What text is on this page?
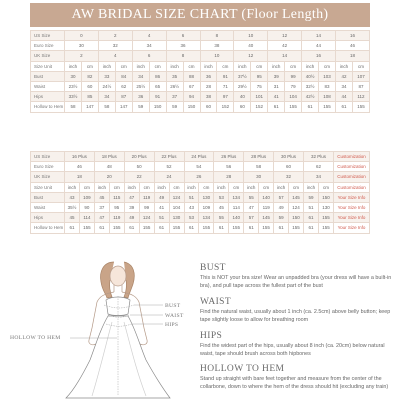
AW BRIDAL SIZE CHART (Floor Length)
US Size	0		2		4		6		8		10		12		14		16	
Euro Size	30		32		34		36		38		40		42		44		46	
UK Size	2		4		6		8		10		12		14		16		18	
Size Unit	inch	cm	inch	cm	inch	cm	inch	cm	inch	cm	inch	cm	inch	cm	inch	cm	inch	cm
Bust	30	82	33	84	34	86	35	88	36	91	37½	95	39	99	40½	103	42	107
Waist	23½	60	24½	62	25½	65	26½	67	28	71	29½	75	31	79	32½	83	34	87
Hips	33½	85	34	87	36	91	37	94	38	97	40	101	41	104	42½	108	44	112
Hollow to Hem	58	147	58	147	59	150	59	150	60	152	60	152	61	155	61	155	61	155
US Size	16 Plus		18 Plus		20 Plus		22 Plus		24 Plus		26 Plus		28 Plus		30 Plus		32 Plus		Customization
Euro Size	46		48		50		52		54		56		58		60		62		Customization
UK Size	18		20		22		24		26		28		30		32		34		Customization
Size Unit	inch	cm	inch	cm	inch	cm	inch	cm	inch	cm	inch	cm	inch	cm	inch	cm	inch	cm	Customization
Bust	43	109	45	115	47	119	49	124	51	130	53	134	55	140	57	145	59	150	Your Size Info
Waist	35½	90	37	95	39	99	41	104	43	109	45	114	47	119	49	124	51	130	Your Size Info
Hips	45	114	47	119	49	124	51	130	53	134	55	140	57	145	59	150	61	155	Your Size Info
Hollow to Hem	61	155	61	155	61	155	61	155	61	155	61	155	61	155	61	155	61	155	Your Size Info
BUST
WAIST
HIPS
HOLLOW TO HEM
BUST

This is NOT your bra size! Wear an unpadded bra (your dress will have a built-in bra), and pull tape across the fullest part of the bust

WAIST

Find the natural waist, usually about 1 inch (ca. 2.5cm) above belly button; keep tape slightly loose to allow for breathing room

HIPS

Find the widest part of the hips, usually about 8 inch (ca. 20cm) below natural waist, tape should brush across both hipbones

HOLLOW TO HEM

Stand up straight with bare feet together and measure from the center of the collarbone, down to where the hem of the dress should hit (excluding any train)
